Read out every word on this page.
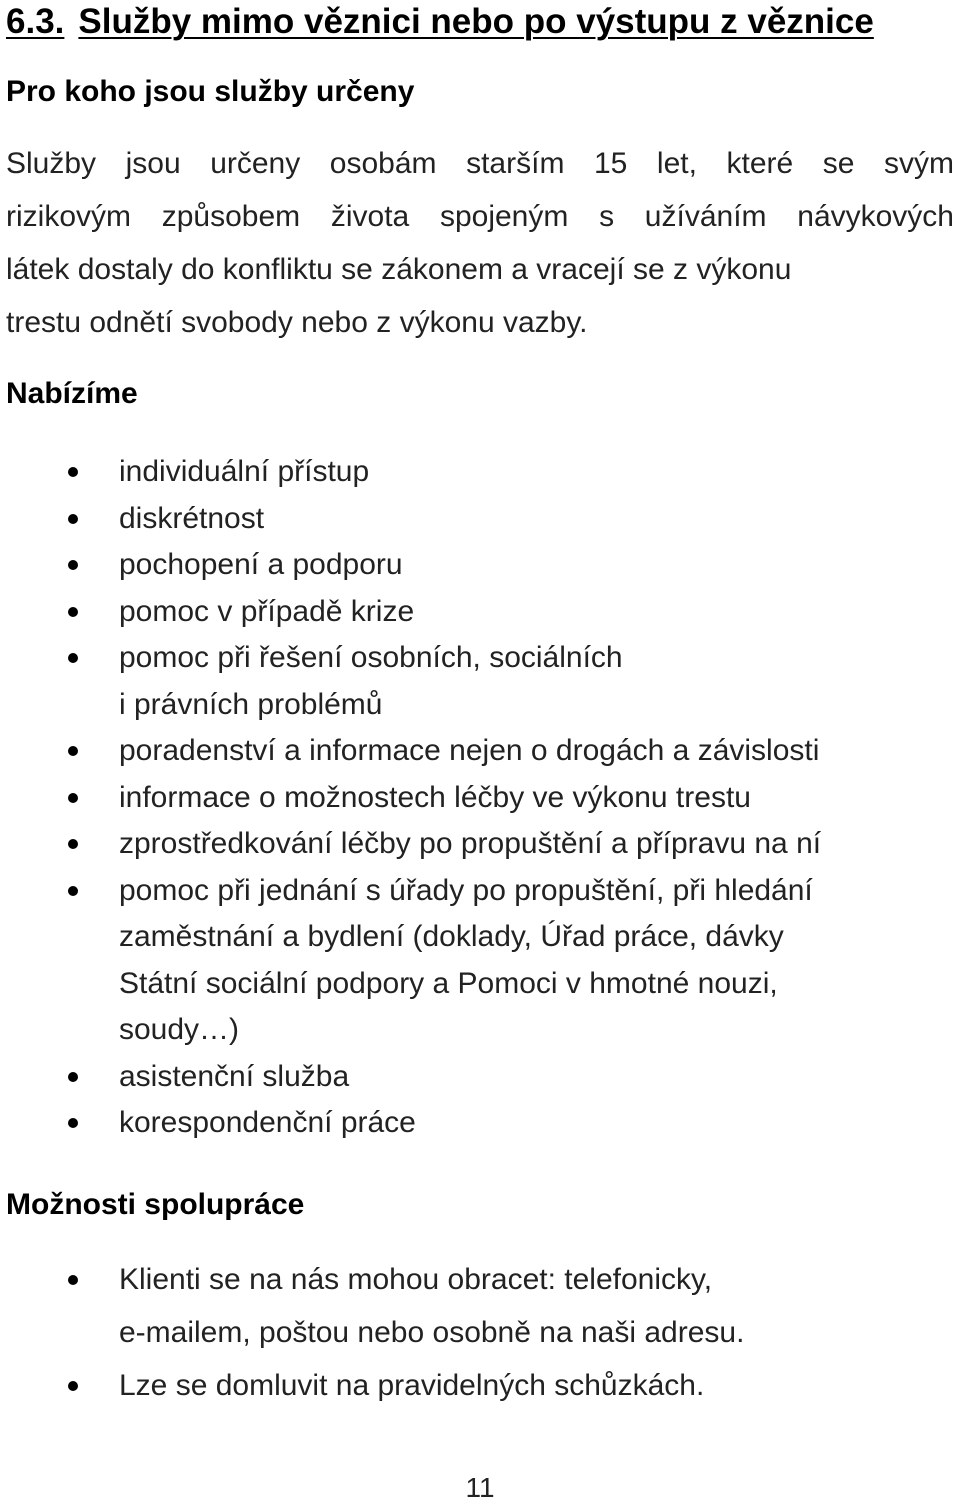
6.3. Služby mimo věznici nebo po výstupu z věznice
Pro koho jsou služby určeny

Služby jsou určeny osobám starším 15 let, které se svým
rizikovým způsobem života spojeným s užíváním návykových
látek dostaly do konfliktu se zákonem a vracejí se z výkonu
trestu odnětí svobody nebo z výkonu vazby.

Nabízíme
individuální přístup
diskrétnost
pochopení a podporu
pomoc v případě krize
pomoc při řešení osobních, sociálních
i právních problémů
poradenství a informace nejen o drogách a závislosti
informace o možnostech léčby ve výkonu trestu
zprostředkování léčby po propuštění a přípravu na ní
pomoc při jednání s úřady po propuštění, při hledání
zaměstnání a bydlení (doklady, Úřad práce, dávky
Státní sociální podpory a Pomoci v hmotné nouzi,
soudy…)
asistenční služba
korespondenční práce
Možnosti spolupráce
Klienti se na nás mohou obracet: telefonicky,
e-mailem, poštou nebo osobně na naši adresu.
Lze se domluvit na pravidelných schůzkách.
11
